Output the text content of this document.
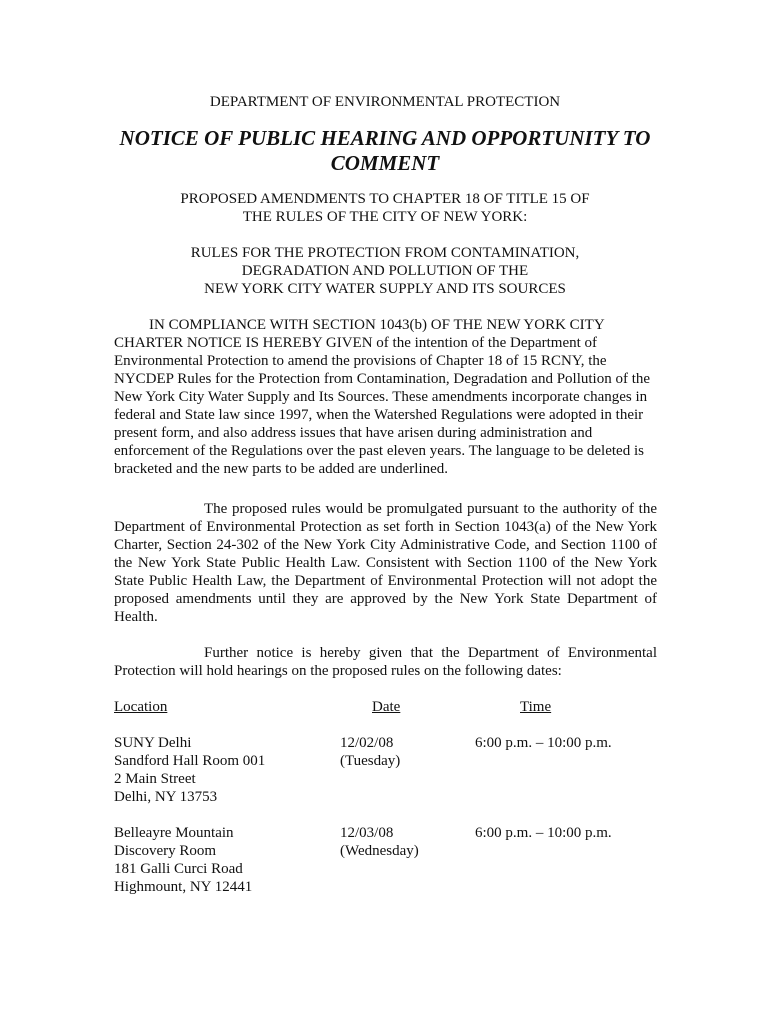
DEPARTMENT OF ENVIRONMENTAL PROTECTION
NOTICE OF PUBLIC HEARING AND OPPORTUNITY TO
COMMENT
PROPOSED AMENDMENTS TO CHAPTER 18 OF TITLE 15 OF
THE RULES OF THE CITY OF NEW YORK:
RULES FOR THE PROTECTION FROM CONTAMINATION,
DEGRADATION AND POLLUTION OF THE
NEW YORK CITY WATER SUPPLY AND ITS SOURCES

IN COMPLIANCE WITH SECTION 1043(b) OF THE NEW YORK CITY CHARTER NOTICE IS HEREBY GIVEN of the intention of the Department of Environmental Protection to amend the provisions of Chapter 18 of 15 RCNY, the NYCDEP Rules for the Protection from Contamination, Degradation and Pollution of the New York City Water Supply and Its Sources. These amendments incorporate changes in federal and State law since 1997, when the Watershed Regulations were adopted in their present form, and also address issues that have arisen during administration and enforcement of the Regulations over the past eleven years. The language to be deleted is bracketed and the new parts to be added are underlined.

The proposed rules would be promulgated pursuant to the authority of the Department of Environmental Protection as set forth in Section 1043(a) of the New York Charter, Section 24-302 of the New York City Administrative Code, and Section 1100 of the New York State Public Health Law. Consistent with Section 1100 of the New York State Public Health Law, the Department of Environmental Protection will not adopt the proposed amendments until they are approved by the New York State Department of Health.

Further notice is hereby given that the Department of Environmental Protection will hold hearings on the proposed rules on the following dates:

Location	Date	Time
SUNY Delhi
Sandford Hall Room 001
2 Main Street
Delhi, NY 13753
12/02/08
(Tuesday)
6:00 p.m. – 10:00 p.m.
Belleayre Mountain
Discovery Room
181 Galli Curci Road
Highmount, NY 12441
12/03/08
(Wednesday)
6:00 p.m. – 10:00 p.m.
